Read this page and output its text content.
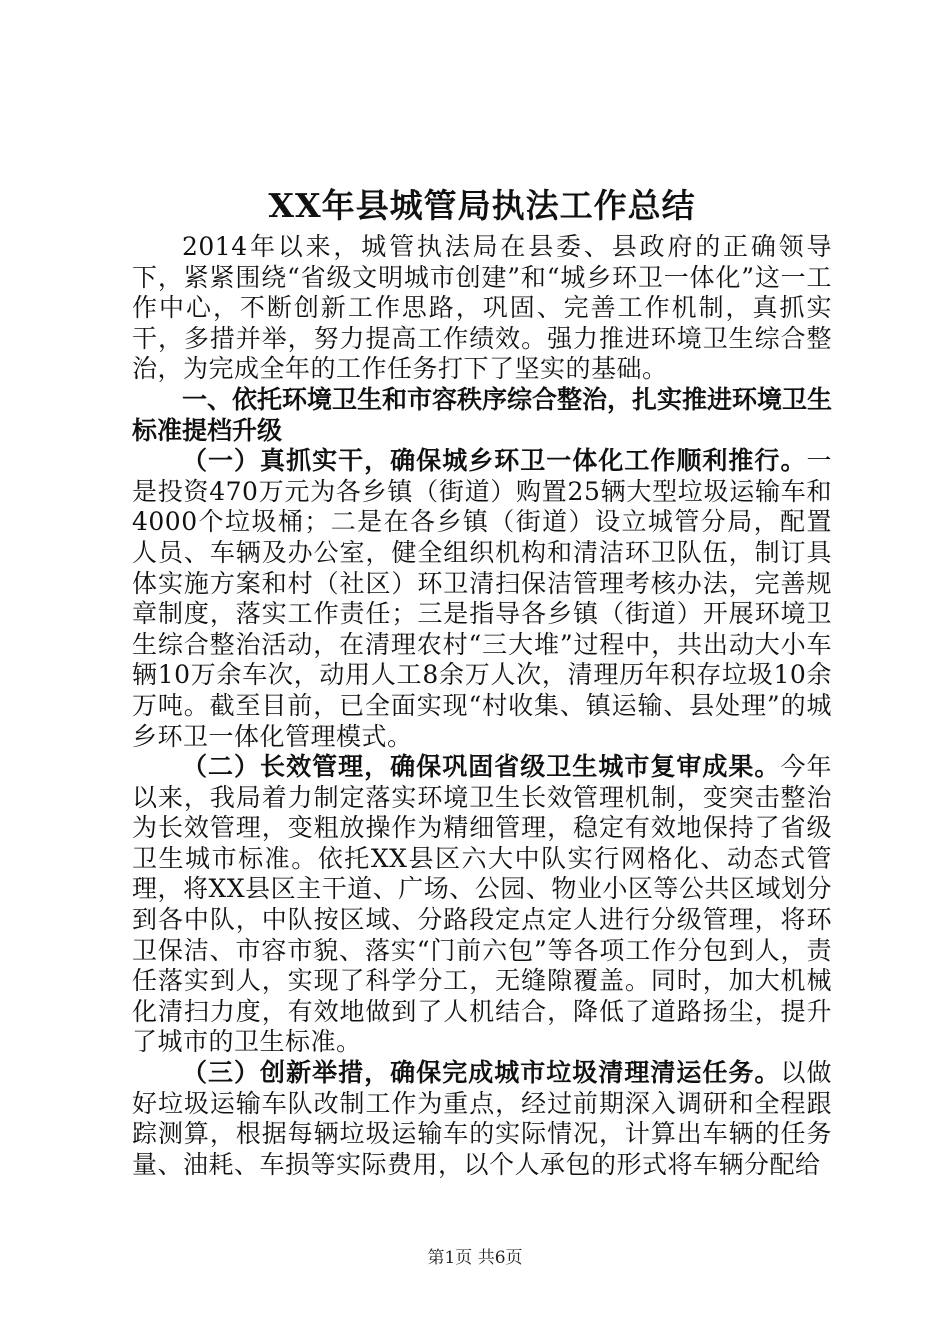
XX年县城管局执法工作总结

2014年以来，城管执法局在县委、县政府的正确领导下，紧紧围绕“省级文明城市创建”和“城乡环卫一体化”这一工作中心，不断创新工作思路，巩固、完善工作机制，真抓实干，多措并举，努力提高工作绩效。强力推进环境卫生综合整治，为完成全年的工作任务打下了坚实的基础。

一、依托环境卫生和市容秩序综合整治，扎实推进环境卫生标准提档升级

（一）真抓实干，确保城乡环卫一体化工作顺利推行。一是投资470万元为各乡镇（街道）购置25辆大型垃圾运输车和4000个垃圾桶；二是在各乡镇（街道）设立城管分局，配置人员、车辆及办公室，健全组织机构和清洁环卫队伍，制订具体实施方案和村（社区）环卫清扫保洁管理考核办法，完善规章制度，落实工作责任；三是指导各乡镇（街道）开展环境卫生综合整治活动，在清理农村“三大堆”过程中，共出动大小车辆10万余车次，动用人工8余万人次，清理历年积存垃圾10余万吨。截至目前，已全面实现“村收集、镇运输、县处理”的城乡环卫一体化管理模式。

（二）长效管理，确保巩固省级卫生城市复审成果。今年以来，我局着力制定落实环境卫生长效管理机制，变突击整治为长效管理，变粗放操作为精细管理，稳定有效地保持了省级卫生城市标准。依托XX县区六大中队实行网格化、动态式管理，将XX县区主干道、广场、公园、物业小区等公共区域划分到各中队，中队按区域、分路段定点定人进行分级管理，将环卫保洁、市容市貌、落实“门前六包”等各项工作分包到人，责任落实到人，实现了科学分工，无缝隙覆盖。同时，加大机械化清扫力度，有效地做到了人机结合，降低了道路扬尘，提升了城市的卫生标准。

（三）创新举措，确保完成城市垃圾清理清运任务。以做好垃圾运输车队改制工作为重点，经过前期深入调研和全程跟踪测算，根据每辆垃圾运输车的实际情况，计算出车辆的任务量、油耗、车损等实际费用，以个人承包的形式将车辆分配给

第1页 共6页
